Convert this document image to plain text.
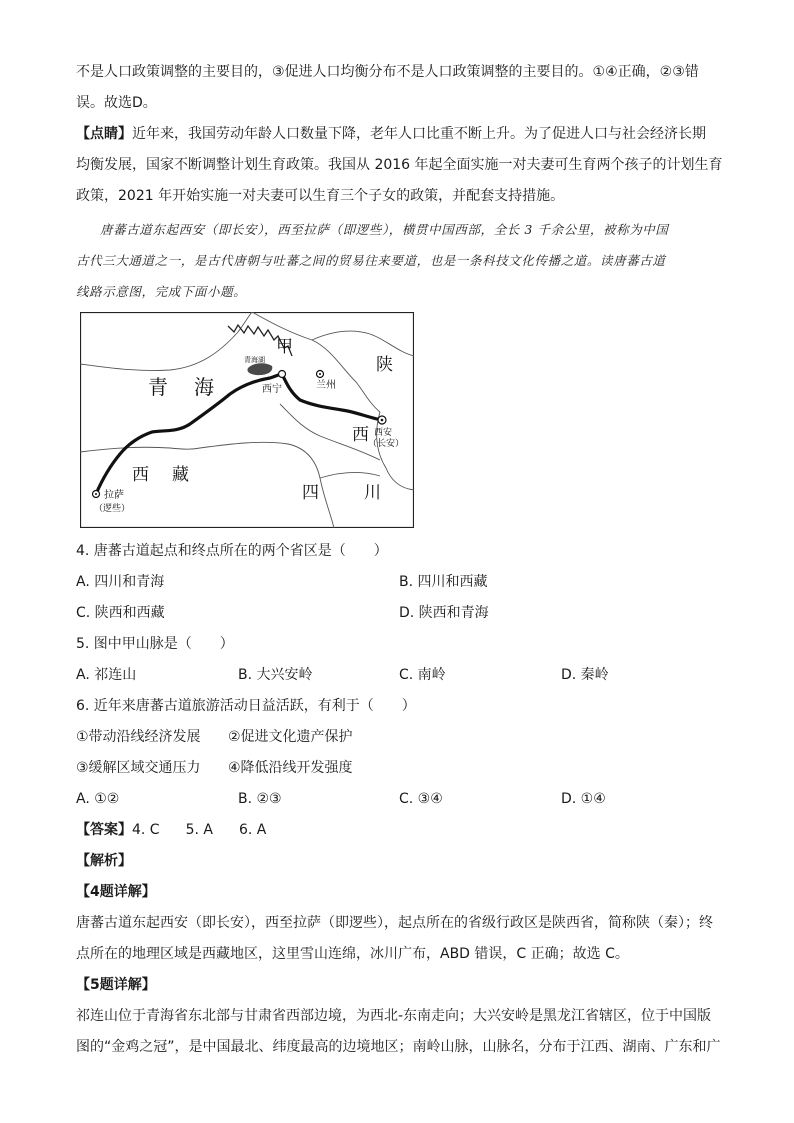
不是人口政策调整的主要目的，③促进人口均衡分布不是人口政策调整的主要目的。①④正确，②③错
误。故选D。
【点睛】近年来，我国劳动年龄人口数量下降，老年人口比重不断上升。为了促进人口与社会经济长期
均衡发展，国家不断调整计划生育政策。我国从 2016 年起全面实施一对夫妻可生育两个孩子的计划生育
政策，2021 年开始实施一对夫妻可以生育三个子女的政策，并配套支持措施。
唐蕃古道东起西安（即长安），西至拉萨（即逻些），横贯中国西部，全长 3 千余公里，被称为中国
古代三大通道之一，是古代唐朝与吐蕃之间的贸易往来要道，也是一条科技文化传播之道。读唐蕃古道
线路示意图，完成下面小题。
甲
青海湖	陕
青 海	西宁	兰州
西 西安
（长安）
西 藏
四	川
拉萨
（逻些）
4. 唐蕃古道起点和终点所在的两个省区是（　　）
A. 四川和青海	B. 四川和西藏
C. 陕西和西藏	D. 陕西和青海
5. 图中甲山脉是（　　）
A. 祁连山	B. 大兴安岭	C. 南岭	D. 秦岭
6. 近年来唐蕃古道旅游活动日益活跃，有利于（　　）
①带动沿线经济发展 ②促进文化遗产保护
③缓解区域交通压力 ④降低沿线开发强度
A. ①②	B. ②③	C. ③④	D. ①④
【答案】4. C 5. A 6. A
【解析】
【4题详解】
唐蕃古道东起西安（即长安），西至拉萨（即逻些），起点所在的省级行政区是陕西省，简称陕（秦）；终
点所在的地理区域是西藏地区，这里雪山连绵，冰川广布，ABD 错误，C 正确；故选 C。
【5题详解】
祁连山位于青海省东北部与甘肃省西部边境，为西北-东南走向；大兴安岭是黑龙江省辖区，位于中国版
图的“金鸡之冠”，是中国最北、纬度最高的边境地区；南岭山脉，山脉名，分布于江西、湖南、广东和广
